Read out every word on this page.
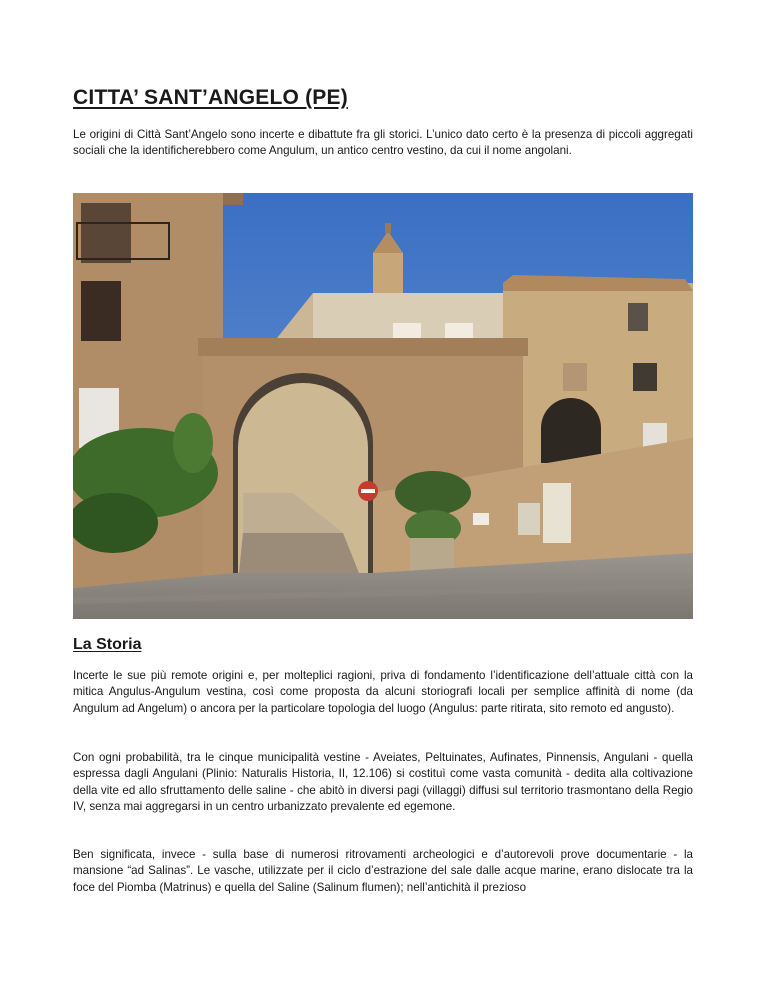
CITTA’ SANT’ANGELO (PE)

Le origini di Città Sant’Angelo sono incerte e dibattute fra gli storici. L’unico dato certo è la presenza di piccoli aggregati sociali che la identificherebbero come Angulum, un antico centro vestino, da cui il nome angolani.

La Storia

Incerte le sue più remote origini e, per molteplici ragioni, priva di fondamento l’identificazione dell’attuale città con la mitica Angulus-Angulum vestina, così come proposta da alcuni storiografi locali per semplice affinità di nome (da Angulum ad Angelum) o ancora per la particolare topologia del luogo (Angulus: parte ritirata, sito remoto ed angusto).

Con ogni probabilità, tra le cinque municipalità vestine - Aveiates, Peltuinates, Aufinates, Pinnensis, Angulani - quella espressa dagli Angulani (Plinio: Naturalis Historia, II, 12.106) si costituì come vasta comunità - dedita alla coltivazione della vite ed allo sfruttamento delle saline - che abitò in diversi pagi (villaggi) diffusi sul territorio trasmontano della Regio IV, senza mai aggregarsi in un centro urbanizzato prevalente ed egemone.

Ben significata, invece - sulla base di numerosi ritrovamenti archeologici e d’autorevoli prove documentarie - la mansione “ad Salinas”. Le vasche, utilizzate per il ciclo d’estrazione del sale dalle acque marine, erano dislocate tra la foce del Piomba (Matrinus) e quella del Saline (Salinum flumen); nell’antichità il prezioso
